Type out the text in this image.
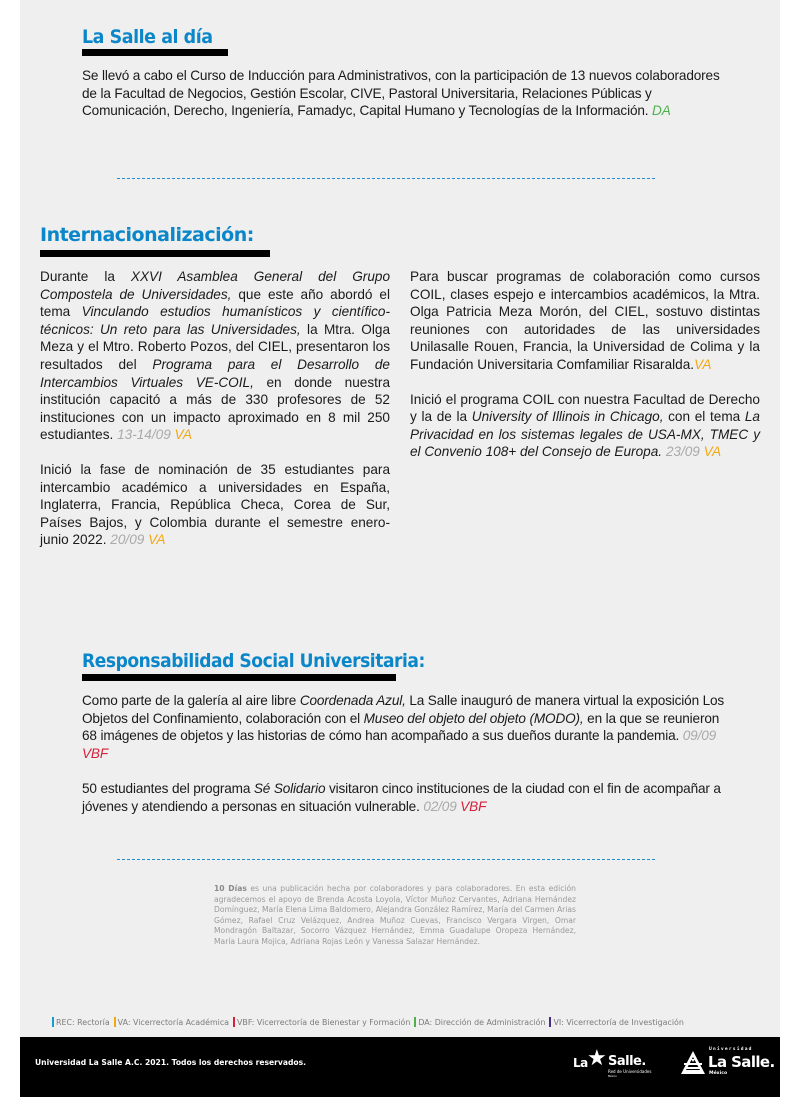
La Salle al día

Se llevó a cabo el Curso de Inducción para Administrativos, con la participación de 13 nuevos colaboradores de la Facultad de Negocios, Gestión Escolar, CIVE, Pastoral Universitaria, Relaciones Públicas y Comunicación, Derecho, Ingeniería, Famadyc, Capital Humano y Tecnologías de la Información. DA

Internacionalización:

Durante la XXVI Asamblea General del Grupo Compostela de Universidades, que este año abordó el tema Vinculando estudios humanísticos y científico-técnicos: Un reto para las Universidades, la Mtra. Olga Meza y el Mtro. Roberto Pozos, del CIEL, presentaron los resultados del Programa para el Desarrollo de Intercambios Virtuales VE-COIL, en donde nuestra institución capacitó a más de 330 profesores de 52 instituciones con un impacto aproximado en 8 mil 250 estudiantes. 13-14/09 VA

Inició la fase de nominación de 35 estudiantes para intercambio académico a universidades en España, Inglaterra, Francia, República Checa, Corea de Sur, Países Bajos, y Colombia durante el semestre enero-junio 2022. 20/09 VA

Para buscar programas de colaboración como cursos COIL, clases espejo e intercambios académicos, la Mtra. Olga Patricia Meza Morón, del CIEL, sostuvo distintas reuniones con autoridades de las universidades Unilasalle Rouen, Francia, la Universidad de Colima y la Fundación Universitaria Comfamiliar Risaralda.VA

Inició el programa COIL con nuestra Facultad de Derecho y la de la University of Illinois in Chicago, con el tema La Privacidad en los sistemas legales de USA-MX, TMEC y el Convenio 108+ del Consejo de Europa. 23/09 VA

Responsabilidad Social Universitaria:

Como parte de la galería al aire libre Coordenada Azul, La Salle inauguró de manera virtual la exposición Los Objetos del Confinamiento, colaboración con el Museo del objeto del objeto (MODO), en la que se reunieron 68 imágenes de objetos y las historias de cómo han acompañado a sus dueños durante la pandemia. 09/09 VBF

50 estudiantes del programa Sé Solidario visitaron cinco instituciones de la ciudad con el fin de acompañar a jóvenes y atendiendo a personas en situación vulnerable. 02/09 VBF

10 Días es una publicación hecha por colaboradores y para colaboradores. En esta edición agradecemos el apoyo de Brenda Acosta Loyola, Víctor Muñoz Cervantes, Adriana Hernández Domínguez, María Elena Lima Baldomero, Alejandra González Ramírez, María del Carmen Arias Gómez, Rafael Cruz Velázquez, Andrea Muñoz Cuevas, Francisco Vergara Virgen, Omar Mondragón Baltazar, Socorro Vázquez Hernández, Emma Guadalupe Oropeza Hernández, María Laura Mojica, Adriana Rojas León y Vanessa Salazar Hernández.

REC: Rectoría VA: Vicerrectoría Académica VBF: Vicerrectoría de Bienestar y Formación DA: Dirección de Administración VI: Vicerrectoría de Investigación
Universidad La Salle A.C. 2021. Todos los derechos reservados.	La ★ Salle.
Red de Universidades
México
Universidad
La Salle.
México
